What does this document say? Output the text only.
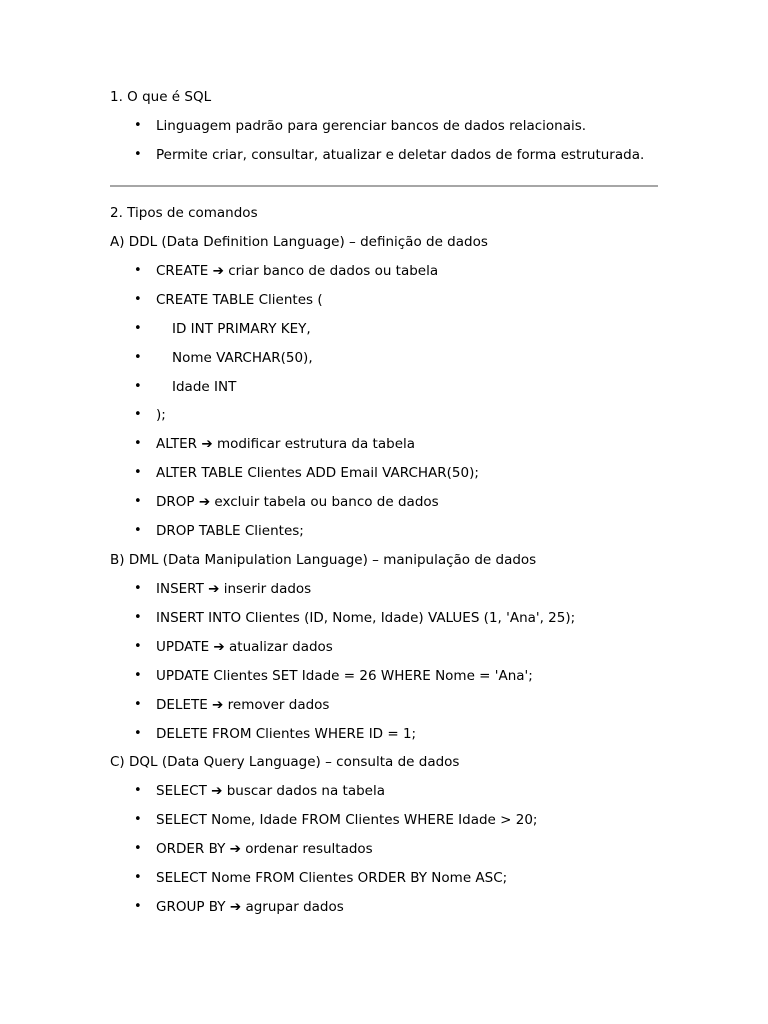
1. O que é SQL
• Linguagem padrão para gerenciar bancos de dados relacionais.
• Permite criar, consultar, atualizar e deletar dados de forma estruturada.
2. Tipos de comandos
A) DDL (Data Definition Language) – definição de dados
• CREATE ➔ criar banco de dados ou tabela
• CREATE TABLE Clientes (
• ID INT PRIMARY KEY,
• Nome VARCHAR(50),
• Idade INT
• );
• ALTER ➔ modificar estrutura da tabela
• ALTER TABLE Clientes ADD Email VARCHAR(50);
• DROP ➔ excluir tabela ou banco de dados
• DROP TABLE Clientes;
B) DML (Data Manipulation Language) – manipulação de dados
• INSERT ➔ inserir dados
• INSERT INTO Clientes (ID, Nome, Idade) VALUES (1, 'Ana', 25);
• UPDATE ➔ atualizar dados
• UPDATE Clientes SET Idade = 26 WHERE Nome = 'Ana';
• DELETE ➔ remover dados
• DELETE FROM Clientes WHERE ID = 1;
C) DQL (Data Query Language) – consulta de dados
• SELECT ➔ buscar dados na tabela
• SELECT Nome, Idade FROM Clientes WHERE Idade > 20;
• ORDER BY ➔ ordenar resultados
• SELECT Nome FROM Clientes ORDER BY Nome ASC;
• GROUP BY ➔ agrupar dados
